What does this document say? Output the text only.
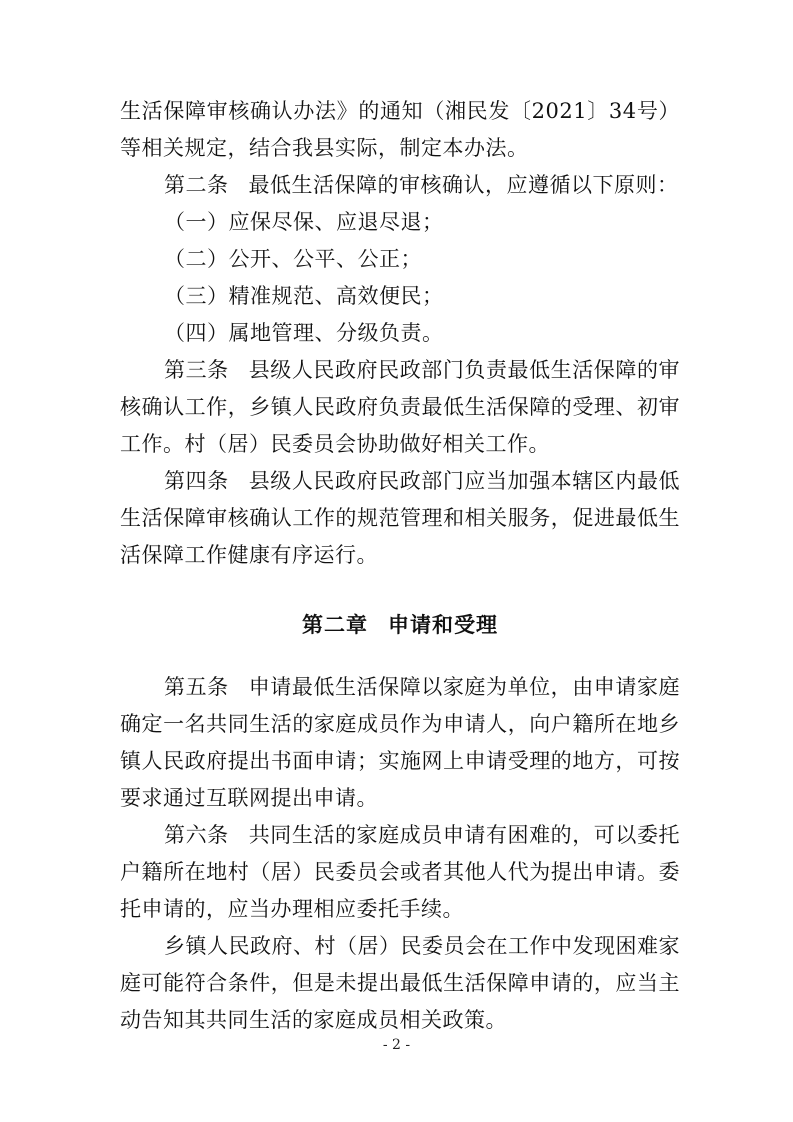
生活保障审核确认办法》的通知（湘民发〔2021〕34号）等相关规定，结合我县实际，制定本办法。

第二条 最低生活保障的审核确认，应遵循以下原则：

（一）应保尽保、应退尽退；

（二）公开、公平、公正；

（三）精准规范、高效便民；

（四）属地管理、分级负责。

第三条 县级人民政府民政部门负责最低生活保障的审核确认工作，乡镇人民政府负责最低生活保障的受理、初审工作。村（居）民委员会协助做好相关工作。

第四条 县级人民政府民政部门应当加强本辖区内最低生活保障审核确认工作的规范管理和相关服务，促进最低生活保障工作健康有序运行。

第二章 申请和受理

第五条 申请最低生活保障以家庭为单位，由申请家庭确定一名共同生活的家庭成员作为申请人，向户籍所在地乡镇人民政府提出书面申请；实施网上申请受理的地方，可按要求通过互联网提出申请。

第六条 共同生活的家庭成员申请有困难的，可以委托户籍所在地村（居）民委员会或者其他人代为提出申请。委托申请的，应当办理相应委托手续。

乡镇人民政府、村（居）民委员会在工作中发现困难家庭可能符合条件，但是未提出最低生活保障申请的，应当主动告知其共同生活的家庭成员相关政策。

- 2 -
